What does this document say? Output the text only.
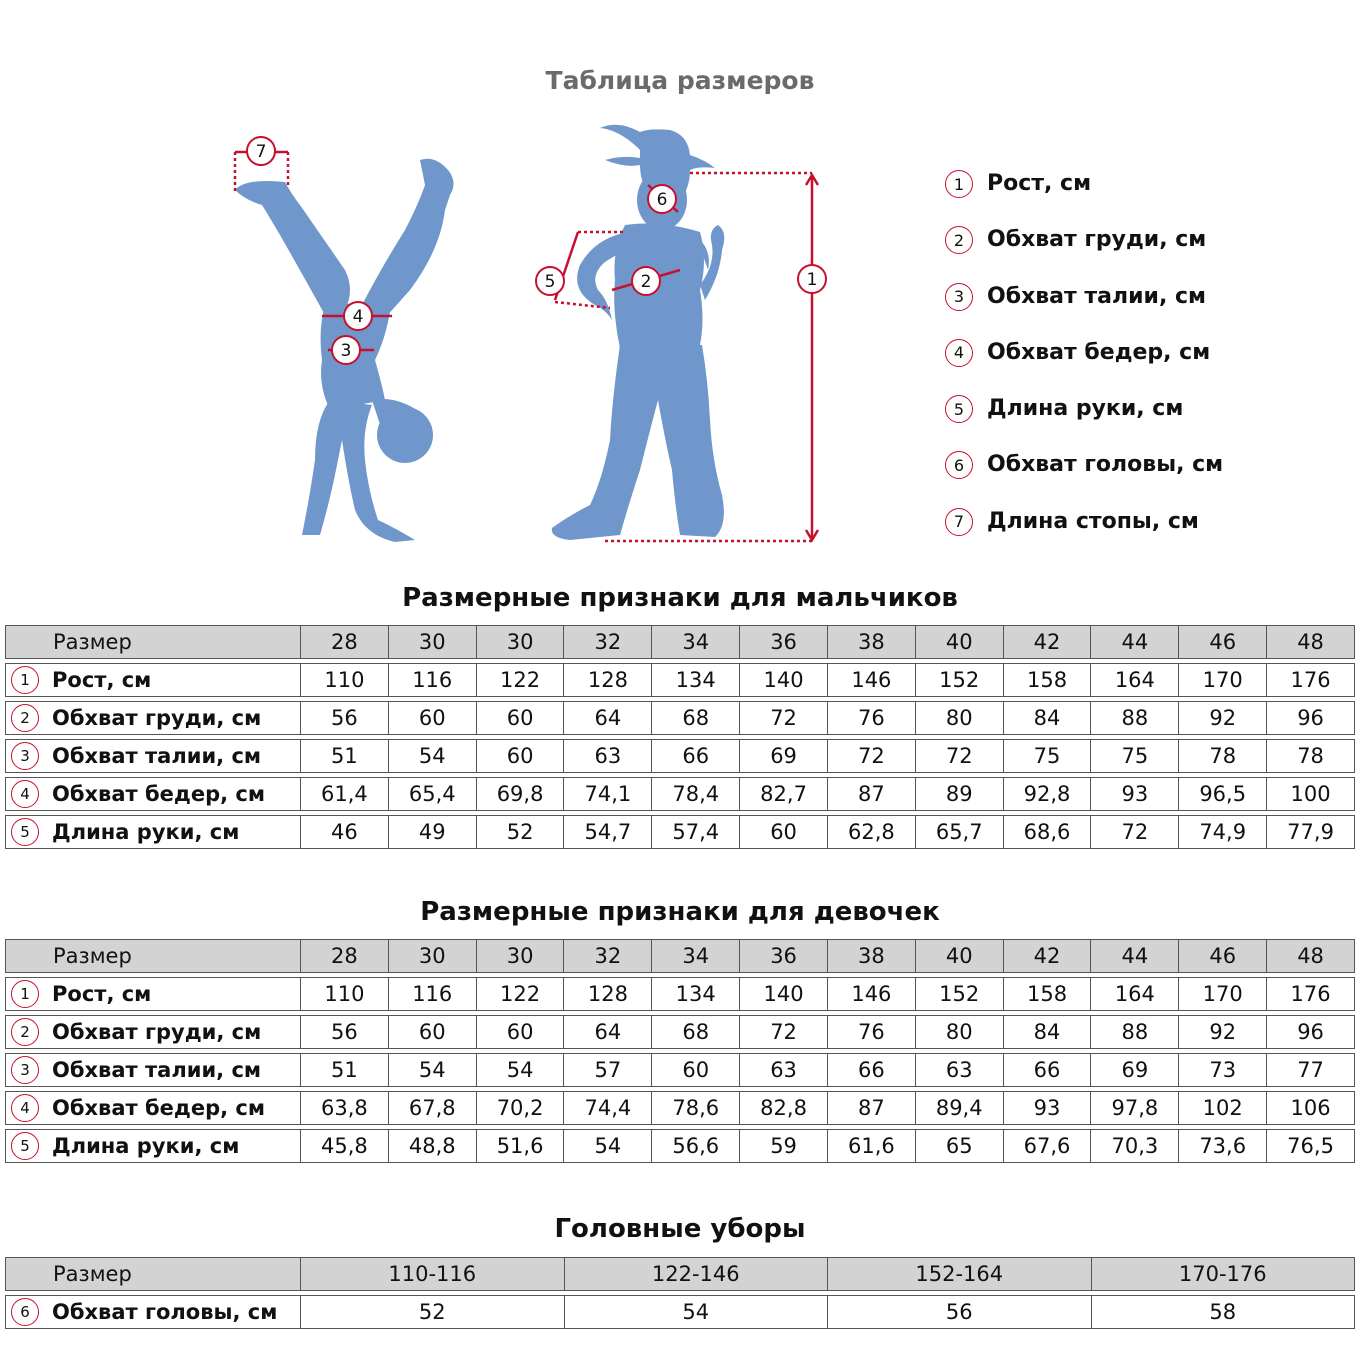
Таблица размеров
7
4
3
6
5	2	1
1	Рост, см
2	Обхват груди, см
3	Обхват талии, см
4	Обхват бедер, см
5	Длина руки, см
6	Обхват головы, см
7	Длина стопы, см
Размерные признаки для мальчиков
Размер	28	30	30	32	34	36	38	40	42	44	46	48

1 Рост, см	110	116	122	128	134	140	146	152	158	164	170	176

2 Обхват груди, см	56	60	60	64	68	72	76	80	84	88	92	96

3 Обхват талии, см	51	54	60	63	66	69	72	72	75	75	78	78

4 Обхват бедер, см	61,4	65,4	69,8	74,1	78,4	82,7	87	89	92,8	93	96,5	100

5 Длина руки, см	46	49	52	54,7	57,4	60	62,8	65,7	68,6	72	74,9	77,9
Размерные признаки для девочек
Размер	28	30	30	32	34	36	38	40	42	44	46	48

1 Рост, см	110	116	122	128	134	140	146	152	158	164	170	176

2 Обхват груди, см	56	60	60	64	68	72	76	80	84	88	92	96

3 Обхват талии, см	51	54	54	57	60	63	66	63	66	69	73	77

4 Обхват бедер, см	63,8	67,8	70,2	74,4	78,6	82,8	87	89,4	93	97,8	102	106

5 Длина руки, см	45,8	48,8	51,6	54	56,6	59	61,6	65	67,6	70,3	73,6	76,5
Головные уборы
Размер	110-116	122-146	152-164	170-176

6 Обхват головы, см	52	54	56	58
